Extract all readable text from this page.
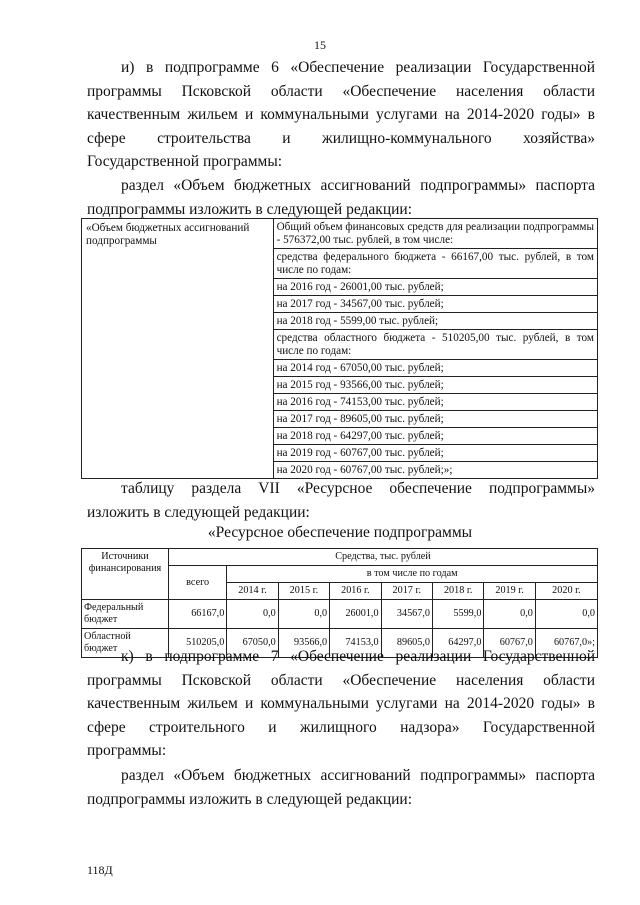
15
и) в подпрограмме 6 «Обеспечение реализации Государственной
программы Псковской области «Обеспечение населения области
качественным жильем и коммунальными услугами на 2014-2020 годы» в
сфере строительства и жилищно-коммунального хозяйства»
Государственной программы:
раздел «Объем бюджетных ассигнований подпрограммы» паспорта
подпрограммы изложить в следующей редакции:
«Объем бюджетных ассигнований подпрограммы	
Общий объем финансовых средств для реализации подпрограммы - 576372,00 тыс. рублей, в том числе:
средства федерального бюджета - 66167,00 тыс. рублей, в том числе по годам:
на 2016 год - 26001,00 тыс. рублей;
на 2017 год - 34567,00 тыс. рублей;
на 2018 год - 5599,00 тыс. рублей;
средства областного бюджета - 510205,00 тыс. рублей, в том числе по годам:
на 2014 год - 67050,00 тыс. рублей;
на 2015 год - 93566,00 тыс. рублей;
на 2016 год - 74153,00 тыс. рублей;
на 2017 год - 89605,00 тыс. рублей;
на 2018 год - 64297,00 тыс. рублей;
на 2019 год - 60767,00 тыс. рублей;
на 2020 год - 60767,00 тыс. рублей;»;
таблицу раздела VII «Ресурсное обеспечение подпрограммы»
изложить в следующей редакции:
«Ресурсное обеспечение подпрограммы
Источники финансирования	Средства, тыс. рублей							
	всего	в том числе по годам						
		2014 г.	2015 г.	2016 г.	2017 г.	2018 г.	2019 г.	2020 г.
Федеральный бюджет	66167,0	0,0	0,0	26001,0	34567,0	5599,0	0,0	0,0
Областной бюджет	510205,0	67050,0	93566,0	74153,0	89605,0	64297,0	60767,0	60767,0»;
к) в подпрограмме 7 «Обеспечение реализации Государственной
программы Псковской области «Обеспечение населения области
качественным жильем и коммунальными услугами на 2014-2020 годы» в
сфере строительного и жилищного надзора» Государственной
программы:
раздел «Объем бюджетных ассигнований подпрограммы» паспорта
подпрограммы изложить в следующей редакции:
118Д
